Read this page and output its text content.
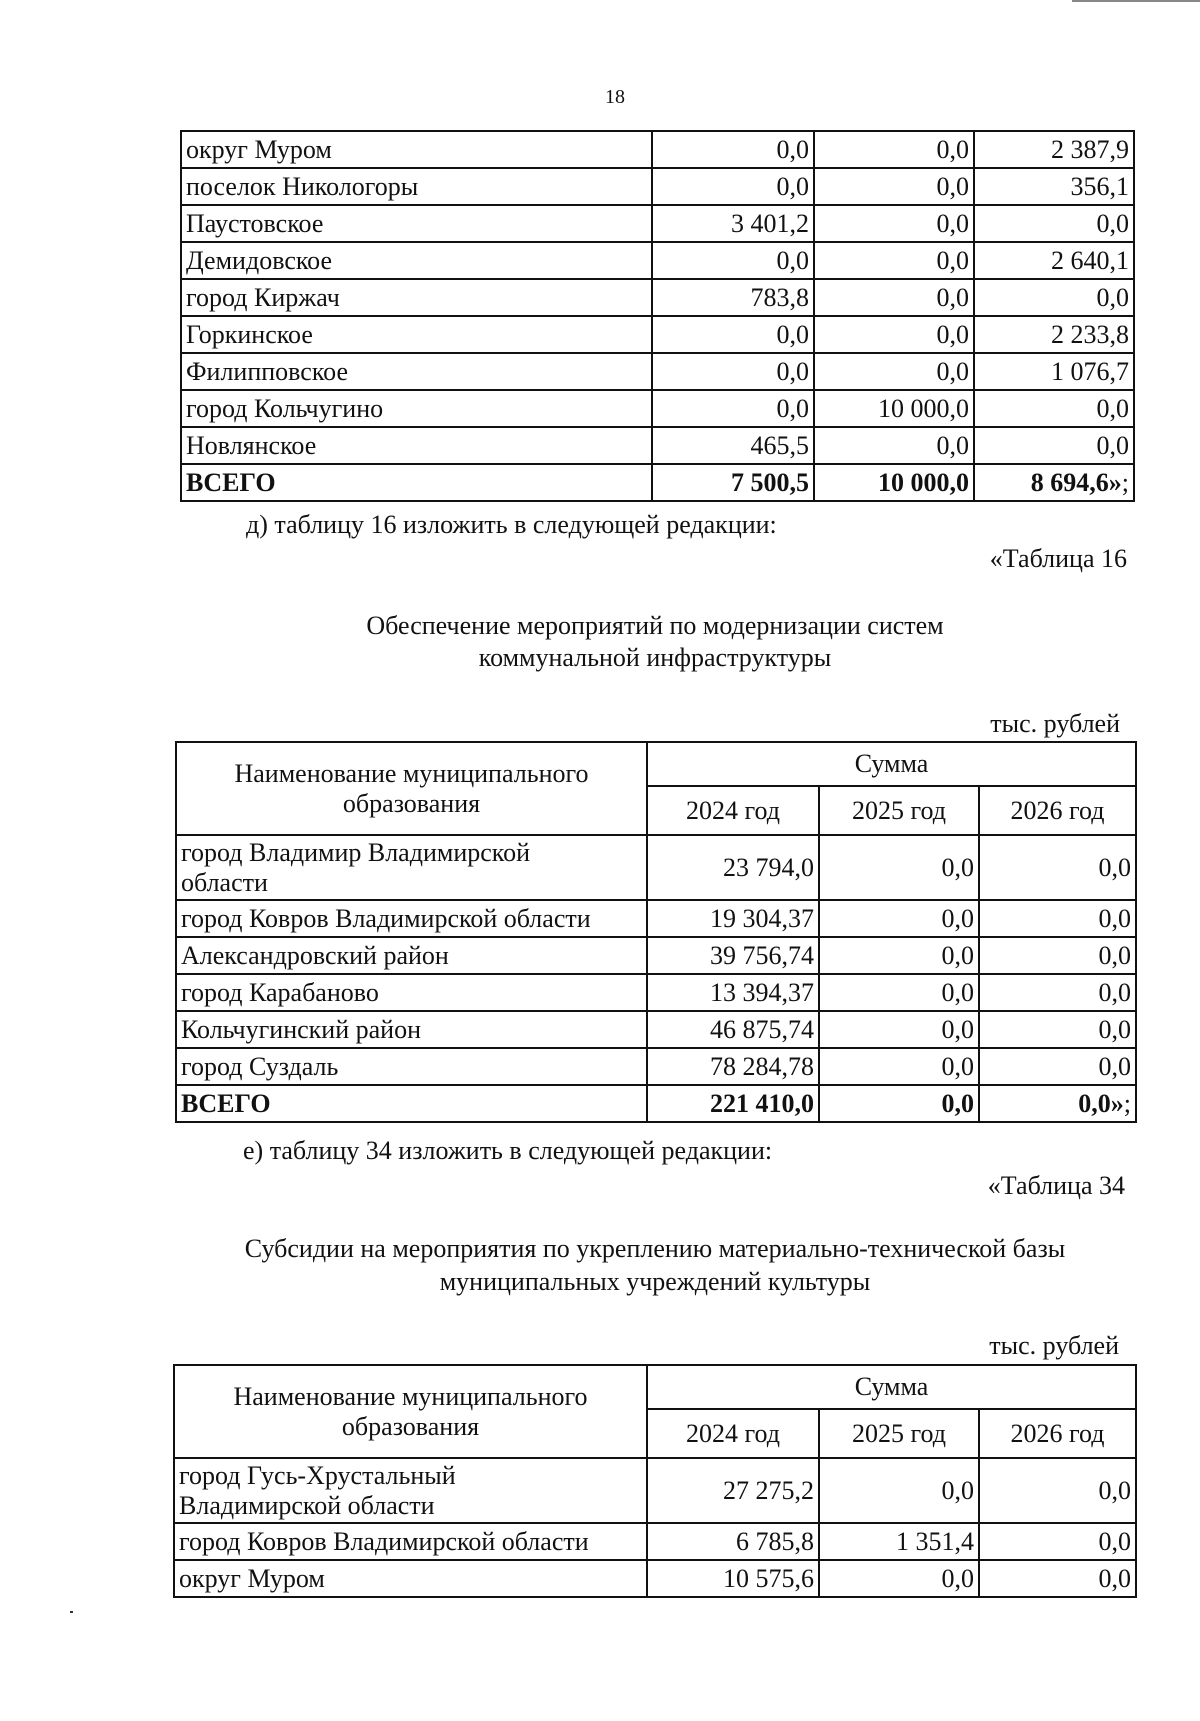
18
округ Муром	0,0	0,0	2 387,9
поселок Никологоры	0,0	0,0	356,1
Паустовское	3 401,2	0,0	0,0
Демидовское	0,0	0,0	2 640,1
город Киржач	783,8	0,0	0,0
Горкинское	0,0	0,0	2 233,8
Филипповское	0,0	0,0	1 076,7
город Кольчугино	0,0	10 000,0	0,0
Новлянское	465,5	0,0	0,0
ВСЕГО	7 500,5	10 000,0	8 694,6»;
д) таблицу 16 изложить в следующей редакции:
«Таблица 16
Обеспечение мероприятий по модернизации систем
коммунальной инфраструктуры
тыс. рублей
Наименование муниципального
образования	Сумма		
	2024 год	2025 год	2026 год

город Владимир Владимирской
области	23 794,0	0,0	0,0
город Ковров Владимирской области	19 304,37	0,0	0,0
Александровский район	39 756,74	0,0	0,0
город Карабаново	13 394,37	0,0	0,0
Кольчугинский район	46 875,74	0,0	0,0
город Суздаль	78 284,78	0,0	0,0
ВСЕГО	221 410,0	0,0	0,0»;
е) таблицу 34 изложить в следующей редакции:
«Таблица 34
Субсидии на мероприятия по укреплению материально-технической базы
муниципальных учреждений культуры
тыс. рублей
Наименование муниципального
образования	Сумма		
	2024 год	2025 год	2026 год

город Гусь-Хрустальный
Владимирской области	27 275,2	0,0	0,0
город Ковров Владимирской области	6 785,8	1 351,4	0,0
округ Муром	10 575,6	0,0	0,0
